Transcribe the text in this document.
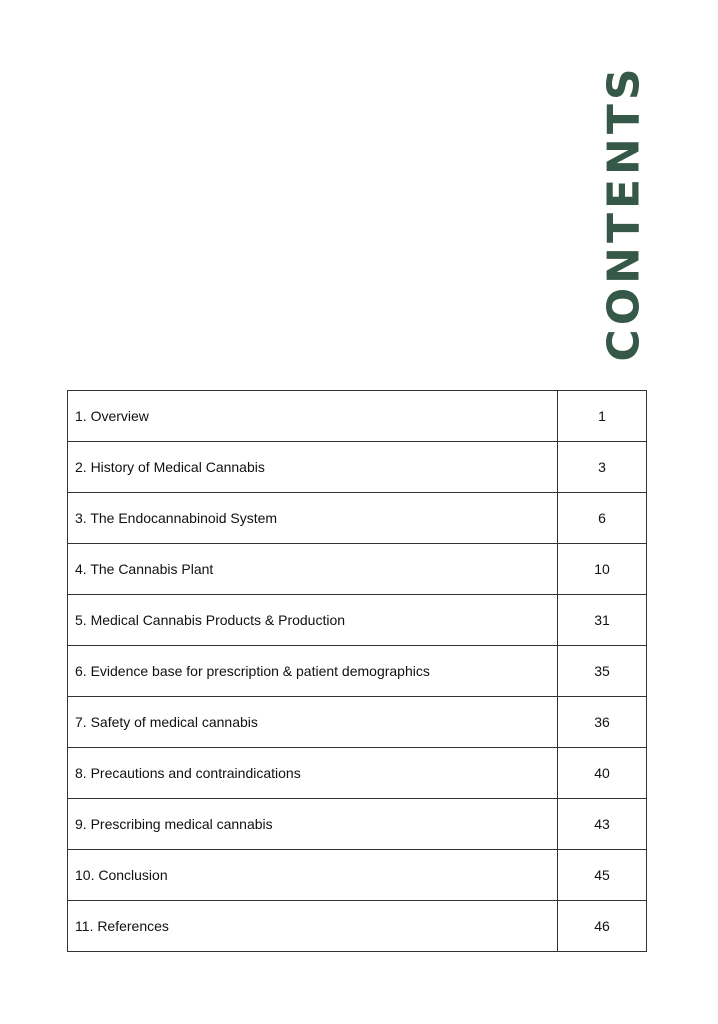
CONTENTS
1. Overview	1
2. History of Medical Cannabis	3
3. The Endocannabinoid System	6
4. The Cannabis Plant	10
5. Medical Cannabis Products & Production	31
6. Evidence base for prescription & patient demographics	35
7. Safety of medical cannabis	36
8. Precautions and contraindications	40
9. Prescribing medical cannabis	43
10. Conclusion	45
11. References	46
